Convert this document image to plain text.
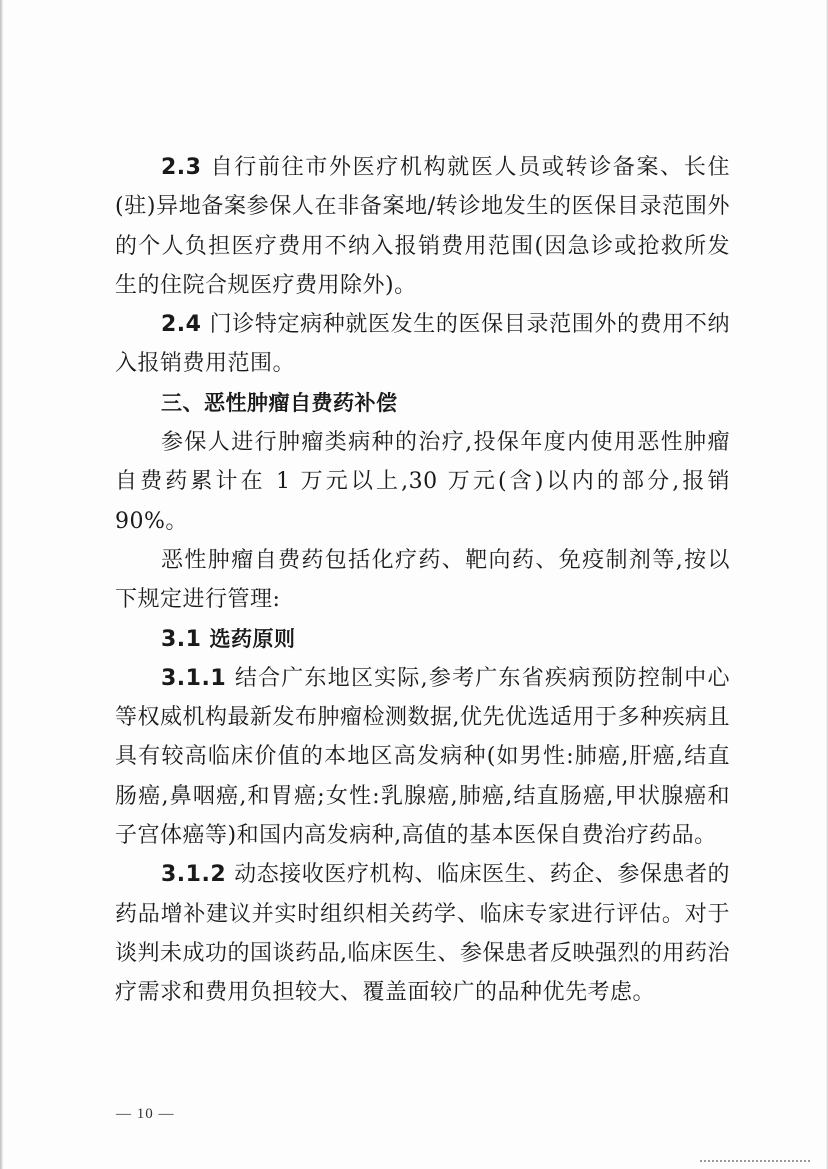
2.3 自行前往市外医疗机构就医人员或转诊备案、长住(驻)异地备案参保人在非备案地/转诊地发生的医保目录范围外的个人负担医疗费用不纳入报销费用范围(因急诊或抢救所发生的住院合规医疗费用除外)。

2.4 门诊特定病种就医发生的医保目录范围外的费用不纳入报销费用范围。

三、恶性肿瘤自费药补偿

参保人进行肿瘤类病种的治疗,投保年度内使用恶性肿瘤自费药累计在 1 万元以上,30 万元(含)以内的部分,报销 90%。

恶性肿瘤自费药包括化疗药、靶向药、免疫制剂等,按以下规定进行管理:

3.1 选药原则

3.1.1 结合广东地区实际,参考广东省疾病预防控制中心等权威机构最新发布肿瘤检测数据,优先优选适用于多种疾病且具有较高临床价值的本地区高发病种(如男性:肺癌,肝癌,结直肠癌,鼻咽癌,和胃癌;女性:乳腺癌,肺癌,结直肠癌,甲状腺癌和子宫体癌等)和国内高发病种,高值的基本医保自费治疗药品。

3.1.2 动态接收医疗机构、临床医生、药企、参保患者的药品增补建议并实时组织相关药学、临床专家进行评估。对于谈判未成功的国谈药品,临床医生、参保患者反映强烈的用药治疗需求和费用负担较大、覆盖面较广的品种优先考虑。

— 10 —
